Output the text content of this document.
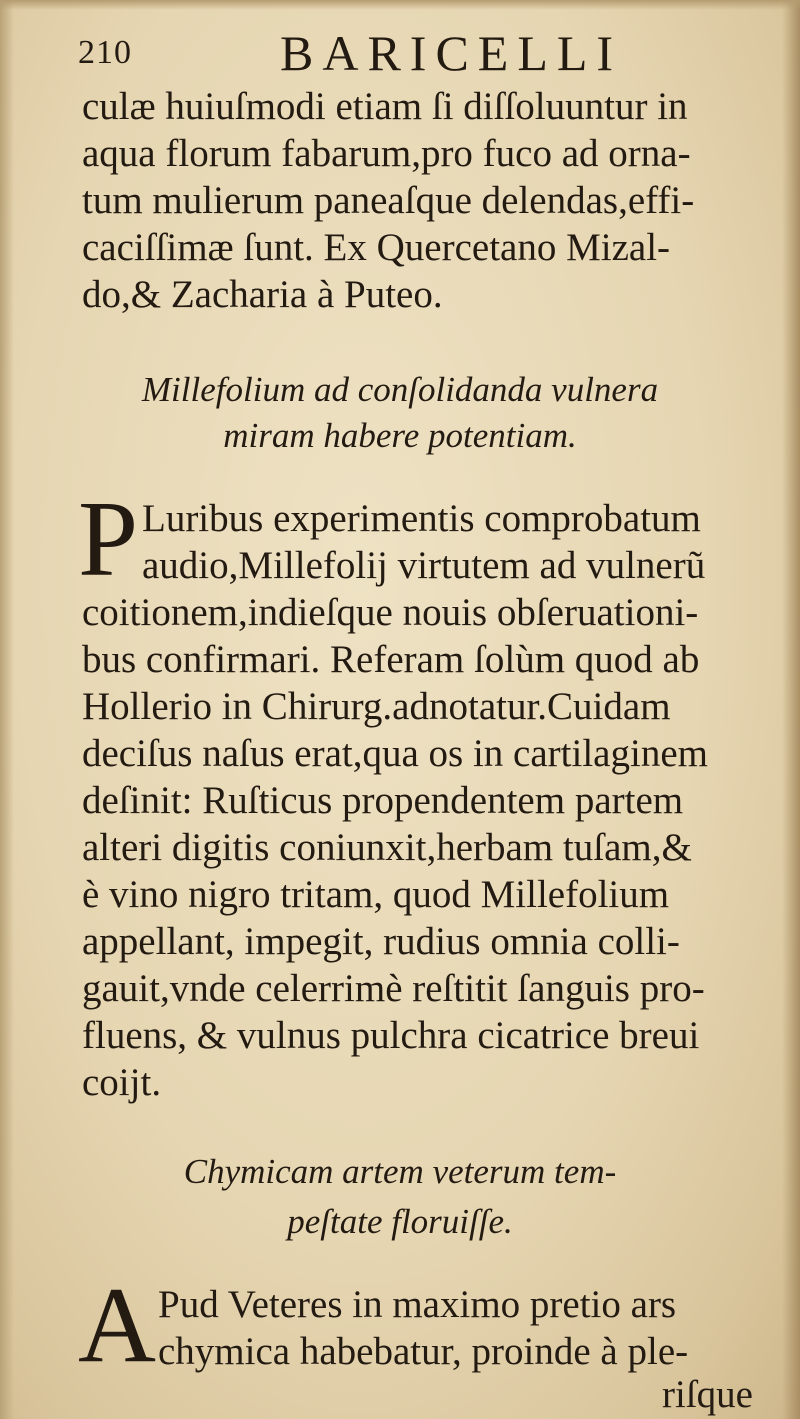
210	BARICELLI
culæ huiuſmodi etiam ſi diſſoluuntur in
aqua florum fabarum,pro fuco ad orna-
tum mulierum paneaſque delendas,effi-
caciſſimæ ſunt. Ex Quercetano Mizal-
do,& Zacharia à Puteo.
Millefolium ad conſolidanda vulnera
miram habere potentiam.
P Luribus experimentis comprobatum
audio,Millefolij virtutem ad vulnerũ
coitionem,indieſque nouis obſeruationi-
bus confirmari. Referam ſolùm quod ab
Hollerio in Chirurg.adnotatur.Cuidam
deciſus naſus erat,qua os in cartilaginem
deſinit: Ruſticus propendentem partem
alteri digitis coniunxit,herbam tuſam,&
è vino nigro tritam, quod Millefolium
appellant, impegit, rudius omnia colli-
gauit,vnde celerrimè reſtitit ſanguis pro-
fluens, & vulnus pulchra cicatrice breui
coijt.
Chymicam artem veterum tem-
peſtate floruiſſe.
A Pud Veteres in maximo pretio ars
chymica habebatur, proinde à ple-
riſque
